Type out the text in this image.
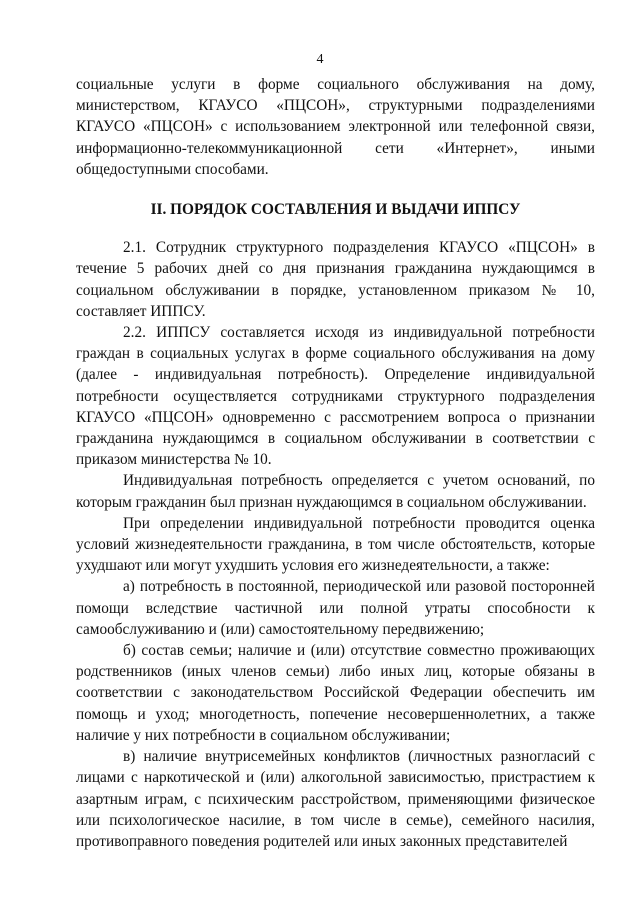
4

социальные услуги в форме социального обслуживания на дому, министерством, КГАУСО «ПЦСОН», структурными подразделениями КГАУСО «ПЦСОН» с использованием электронной или телефонной связи, информационно-телекоммуникационной сети «Интернет», иными общедоступными способами.

II. ПОРЯДОК СОСТАВЛЕНИЯ И ВЫДАЧИ ИППСУ

2.1. Сотрудник структурного подразделения КГАУСО «ПЦСОН» в течение 5 рабочих дней со дня признания гражданина нуждающимся в социальном обслуживании в порядке, установленном приказом № 10, составляет ИППСУ.

2.2. ИППСУ составляется исходя из индивидуальной потребности граждан в социальных услугах в форме социального обслуживания на дому (далее - индивидуальная потребность). Определение индивидуальной потребности осуществляется сотрудниками структурного подразделения КГАУСО «ПЦСОН» одновременно с рассмотрением вопроса о признании гражданина нуждающимся в социальном обслуживании в соответствии с приказом министерства № 10.

Индивидуальная потребность определяется с учетом оснований, по которым гражданин был признан нуждающимся в социальном обслуживании.

При определении индивидуальной потребности проводится оценка условий жизнедеятельности гражданина, в том числе обстоятельств, которые ухудшают или могут ухудшить условия его жизнедеятельности, а также:

а) потребность в постоянной, периодической или разовой посторонней помощи вследствие частичной или полной утраты способности к самообслуживанию и (или) самостоятельному передвижению;

б) состав семьи; наличие и (или) отсутствие совместно проживающих родственников (иных членов семьи) либо иных лиц, которые обязаны в соответствии с законодательством Российской Федерации обеспечить им помощь и уход; многодетность, попечение несовершеннолетних, а также наличие у них потребности в социальном обслуживании;

в) наличие внутрисемейных конфликтов (личностных разногласий с лицами с наркотической и (или) алкогольной зависимостью, пристрастием к азартным играм, с психическим расстройством, применяющими физическое или психологическое насилие, в том числе в семье), семейного насилия, противоправного поведения родителей или иных законных представителей
